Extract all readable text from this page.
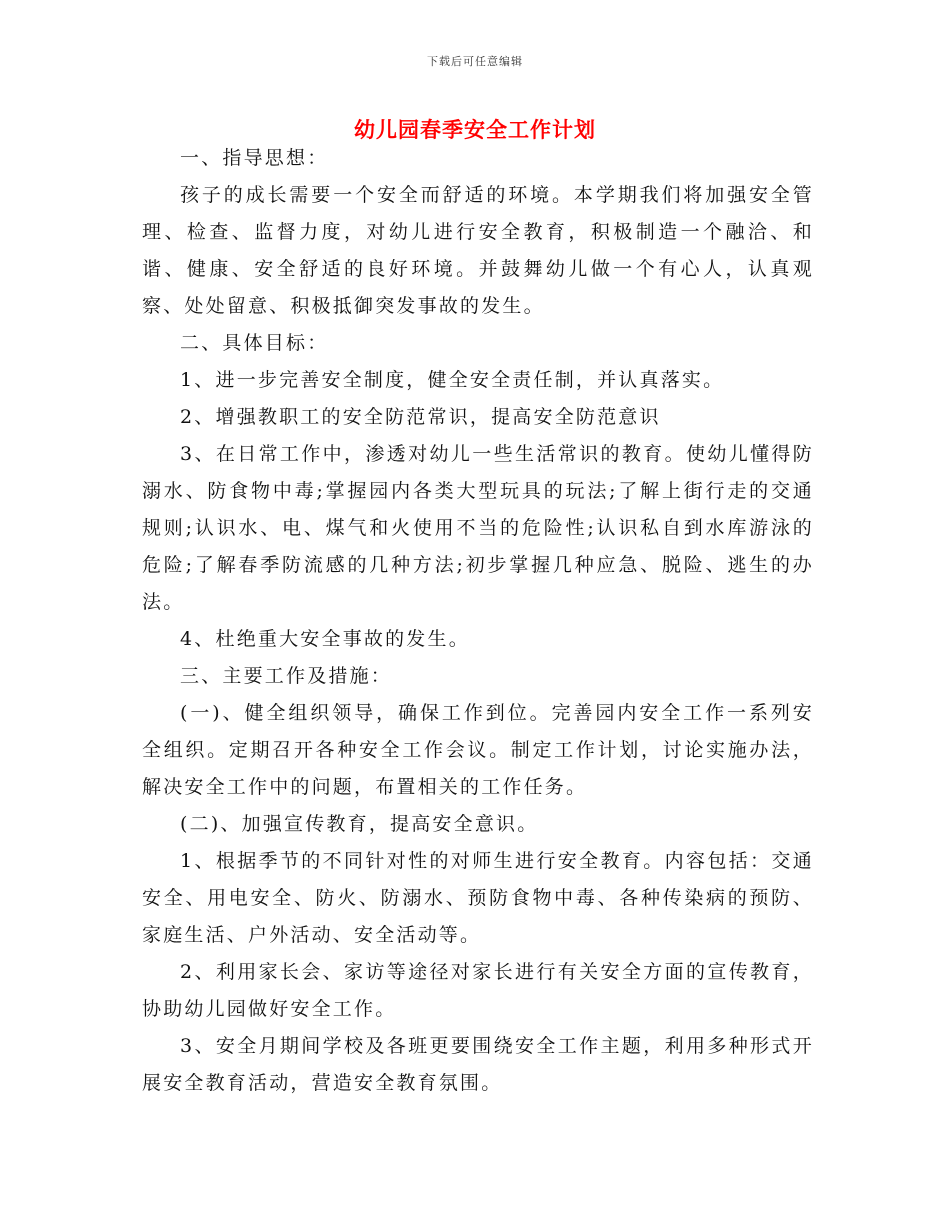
下载后可任意编辑
幼儿园春季安全工作计划

一、指导思想：

孩子的成长需要一个安全而舒适的环境。本学期我们将加强安全管理、检查、监督力度，对幼儿进行安全教育，积极制造一个融洽、和谐、健康、安全舒适的良好环境。并鼓舞幼儿做一个有心人，认真观察、处处留意、积极抵御突发事故的发生。

二、具体目标：

1、进一步完善安全制度，健全安全责任制，并认真落实。

2、增强教职工的安全防范常识，提高安全防范意识

3、在日常工作中，渗透对幼儿一些生活常识的教育。使幼儿懂得防溺水、防食物中毒;掌握园内各类大型玩具的玩法;了解上街行走的交通规则;认识水、电、煤气和火使用不当的危险性;认识私自到水库游泳的危险;了解春季防流感的几种方法;初步掌握几种应急、脱险、逃生的办法。

4、杜绝重大安全事故的发生。

三、主要工作及措施：

(一)、健全组织领导，确保工作到位。完善园内安全工作一系列安全组织。定期召开各种安全工作会议。制定工作计划，讨论实施办法，解决安全工作中的问题，布置相关的工作任务。

(二)、加强宣传教育，提高安全意识。

1、根据季节的不同针对性的对师生进行安全教育。内容包括：交通安全、用电安全、防火、防溺水、预防食物中毒、各种传染病的预防、家庭生活、户外活动、安全活动等。

2、利用家长会、家访等途径对家长进行有关安全方面的宣传教育，协助幼儿园做好安全工作。

3、安全月期间学校及各班更要围绕安全工作主题，利用多种形式开展安全教育活动，营造安全教育氛围。
